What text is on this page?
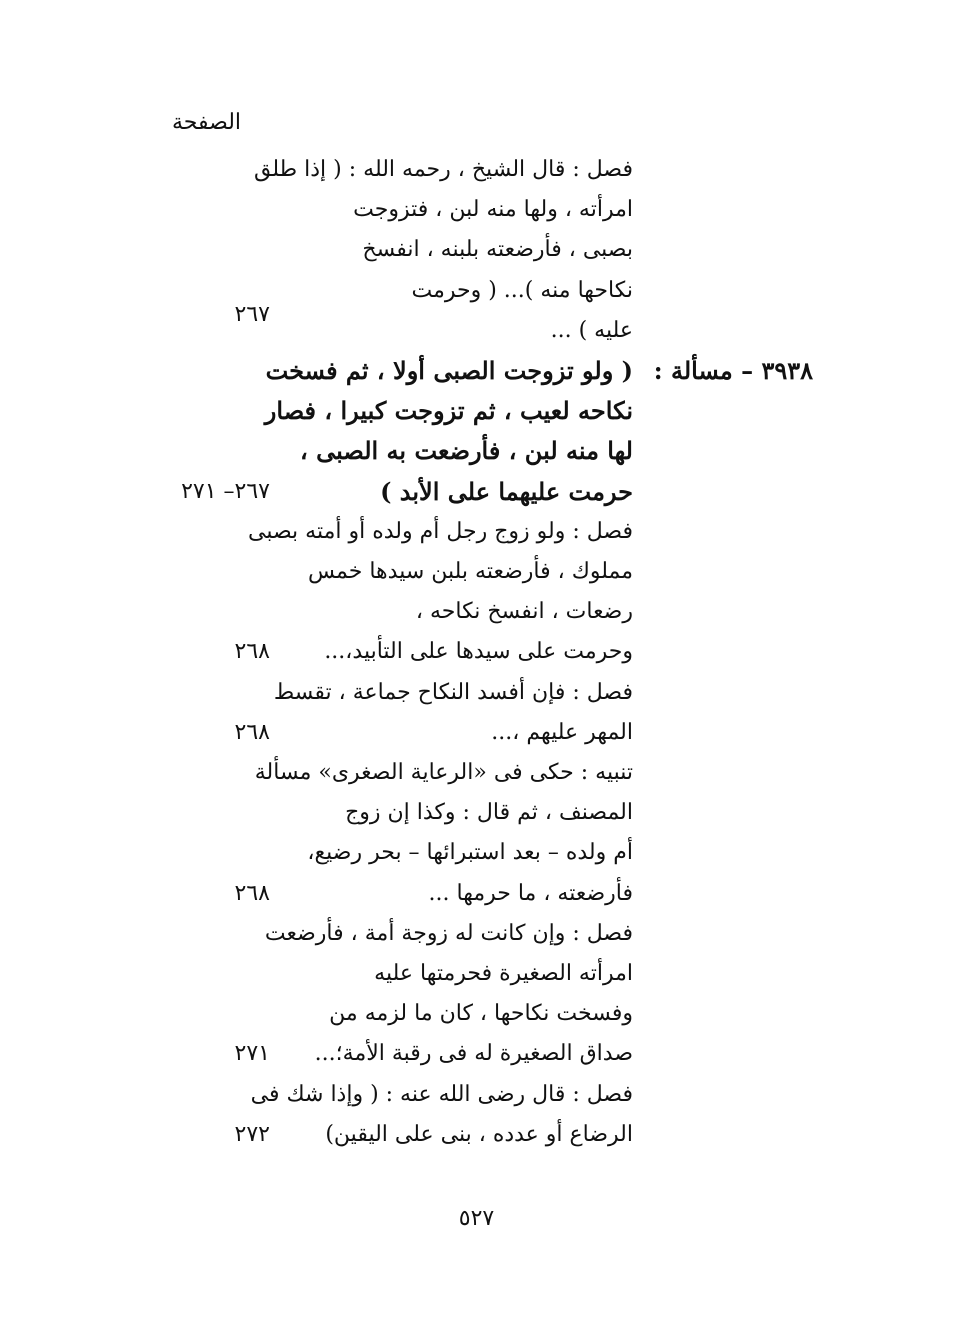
الصفحة
فصل : قال الشيخ ، رحمه الله : ( إذا طلق
امرأته ، ولها منه لبن ، فتزوجت
بصبى ، فأرضعته بلبنه ، انفسخ
نكاحها منه )... ( وحرمت
عليه ) ...
٢٦٧
٣٩٣٨ – مسألة :
( ولو تزوجت الصبى أولا ، ثم فسخت
نكاحه لعيب ، ثم تزوجت كبيرا ، فصار
لها منه لبن ، فأرضعت به الصبى ،
حرمت عليهما على الأبد )
٢٦٧– ٢٧١
فصل : ولو زوج رجل أم ولده أو أمته بصبى
مملوك ، فأرضعته بلبن سيدها خمس
رضعات ، انفسخ نكاحه ،
وحرمت على سيدها على التأبيد،...
٢٦٨
فصل : فإن أفسد النكاح جماعة ، تقسط
المهر عليهم ،...
٢٦٨
تنبيه : حكى فى «الرعاية الصغرى» مسألة
المصنف ، ثم قال : وكذا إن زوج
أم ولده – بعد استبرائها – بحر رضيع،
فأرضعته ، ما حرمها ...
٢٦٨
فصل : وإن كانت له زوجة أمة ، فأرضعت
امرأته الصغيرة فحرمتها عليه
وفسخت نكاحها ، كان ما لزمه من
صداق الصغيرة له فى رقبة الأمة؛...
٢٧١
فصل : قال رضى الله عنه : ( وإذا شك فى
الرضاع أو عدده ، بنى على اليقين)
٢٧٢
٥٢٧
